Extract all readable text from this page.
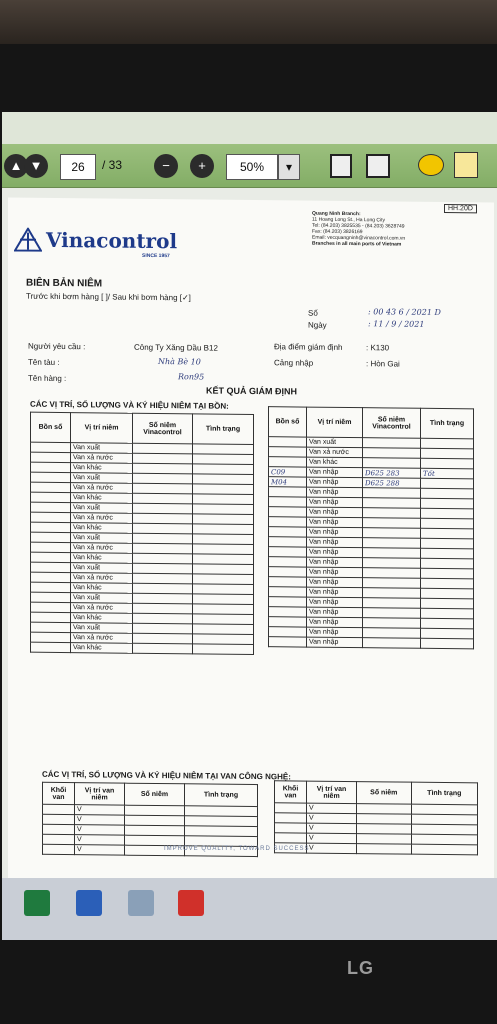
▲ ▼	26	/ 33	−	+	50%	▾
Vinacontrol
SINCE 1957
Quang Ninh Branch:
11 Hoang Long St., Ha Long City
Tel: (84.203) 3825535 - (84.203) 3628749
Fax: (84.203) 3826169
Email: vecquangninh@vinacontrol.com.vn
Branches in all main ports of Vietnam
HH.20D
BIÊN BẢN NIÊM
Trước khi bơm hàng [ ]/ Sau khi bơm hàng [✓]
Số	: 00 43 6 / 2021 D
Ngày	: 11 / 9 / 2021
Người yêu cầu :	Công Ty Xăng Dầu B12	Địa điểm giám định	: K130
Tên tàu :	Nhà Bè 10	Cảng nhập	: Hòn Gai
Tên hàng :	Ron95
KẾT QUẢ GIÁM ĐỊNH
CÁC VỊ TRÍ, SỐ LƯỢNG VÀ KÝ HIỆU NIÊM TẠI BỒN:
Bồn số	Vị trí niêm	Số niêm Vinacontrol	Tình trạng
	Van xuất		
	Van xả nước		
	Van khác		
	Van xuất		
	Van xả nước		
	Van khác		
	Van xuất		
	Van xả nước		
	Van khác		
	Van xuất		
	Van xả nước		
	Van khác		
	Van xuất		
	Van xả nước		
	Van khác		
	Van xuất		
	Van xả nước		
	Van khác		
	Van xuất		
	Van xả nước		
	Van khác		
Bồn số	Vị trí niêm	Số niêm Vinacontrol	Tình trạng
	Van xuất		
	Van xả nước		
	Van khác		
C09	Van nhập	D625 283	Tốt
M04	Van nhập	D625 288	
	Van nhập		
	Van nhập		
	Van nhập		
	Van nhập		
	Van nhập		
	Van nhập		
	Van nhập		
	Van nhập		
	Van nhập		
	Van nhập		
	Van nhập		
	Van nhập		
	Van nhập		
	Van nhập		
	Van nhập		
	Van nhập		
CÁC VỊ TRÍ, SỐ LƯỢNG VÀ KÝ HIỆU NIÊM TẠI VAN CÔNG NGHỆ:
Khối van	Vị trí van niêm	Số niêm	Tình trạng
	V		
	V		
	V		
	V		
	V		
Khối van	Vị trí van niêm	Số niêm	Tình trạng
	V		
	V		
	V		
	V		
	V		
IMPROVE QUALITY, TOWARD SUCCESS
LG
